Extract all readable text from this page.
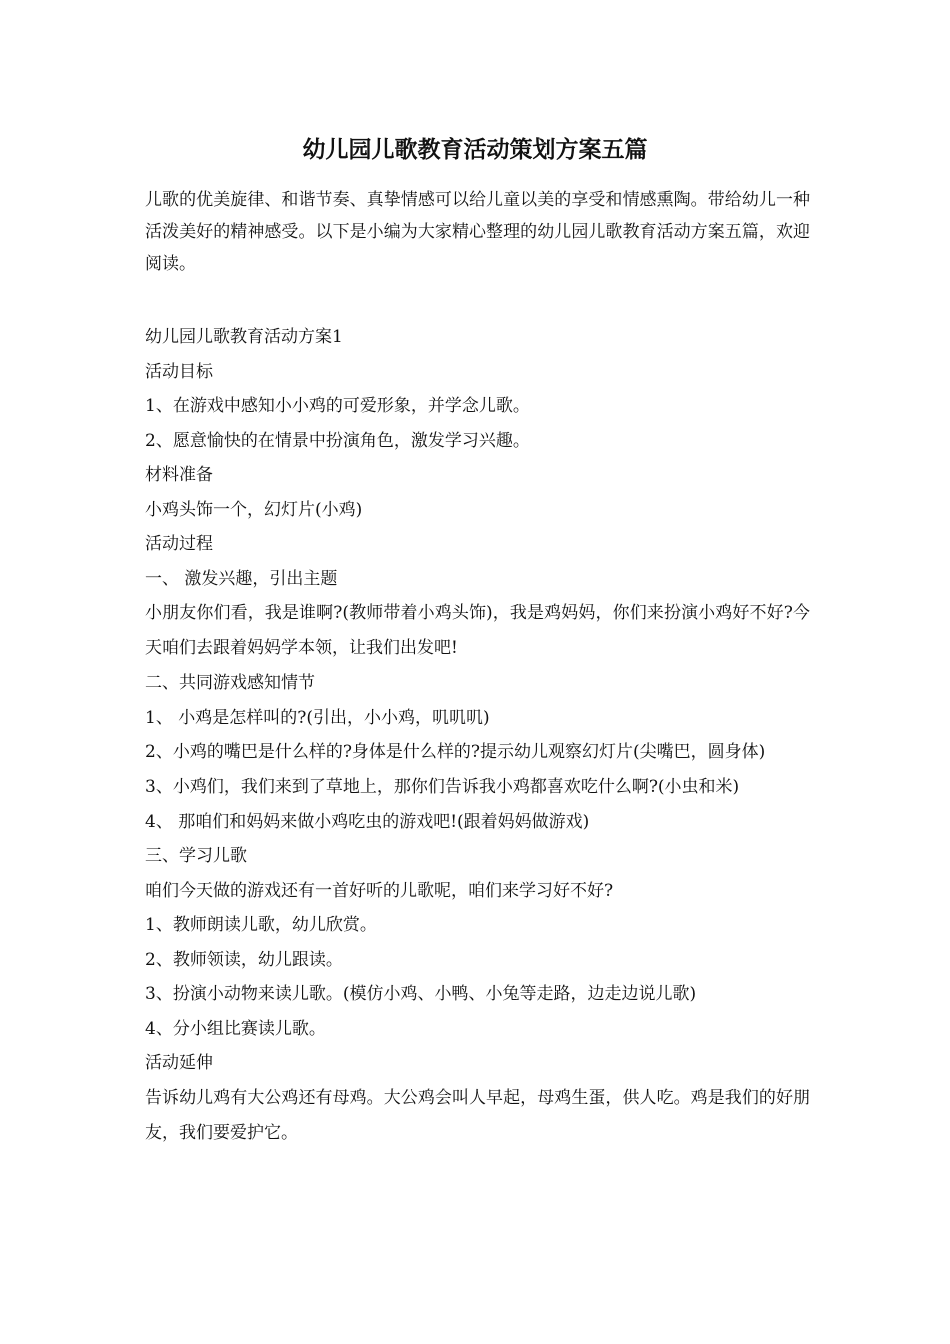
幼儿园儿歌教育活动策划方案五篇

儿歌的优美旋律、和谐节奏、真挚情感可以给儿童以美的享受和情感熏陶。带给幼儿一种活泼美好的精神感受。以下是小编为大家精心整理的幼儿园儿歌教育活动方案五篇，欢迎阅读。

幼儿园儿歌教育活动方案1

活动目标

1、在游戏中感知小小鸡的可爱形象，并学念儿歌。

2、愿意愉快的在情景中扮演角色，激发学习兴趣。

材料准备

小鸡头饰一个，幻灯片(小鸡)

活动过程

一、 激发兴趣，引出主题

小朋友你们看，我是谁啊?(教师带着小鸡头饰)，我是鸡妈妈，你们来扮演小鸡好不好?今天咱们去跟着妈妈学本领，让我们出发吧!

二、共同游戏感知情节

1、 小鸡是怎样叫的?(引出，小小鸡，叽叽叽)

2、小鸡的嘴巴是什么样的?身体是什么样的?提示幼儿观察幻灯片(尖嘴巴，圆身体)

3、小鸡们，我们来到了草地上，那你们告诉我小鸡都喜欢吃什么啊?(小虫和米)

4、 那咱们和妈妈来做小鸡吃虫的游戏吧!(跟着妈妈做游戏)

三、学习儿歌

咱们今天做的游戏还有一首好听的儿歌呢，咱们来学习好不好?

1、教师朗读儿歌，幼儿欣赏。

2、教师领读，幼儿跟读。

3、扮演小动物来读儿歌。(模仿小鸡、小鸭、小兔等走路，边走边说儿歌)

4、分小组比赛读儿歌。

活动延伸

告诉幼儿鸡有大公鸡还有母鸡。大公鸡会叫人早起，母鸡生蛋，供人吃。鸡是我们的好朋友，我们要爱护它。
